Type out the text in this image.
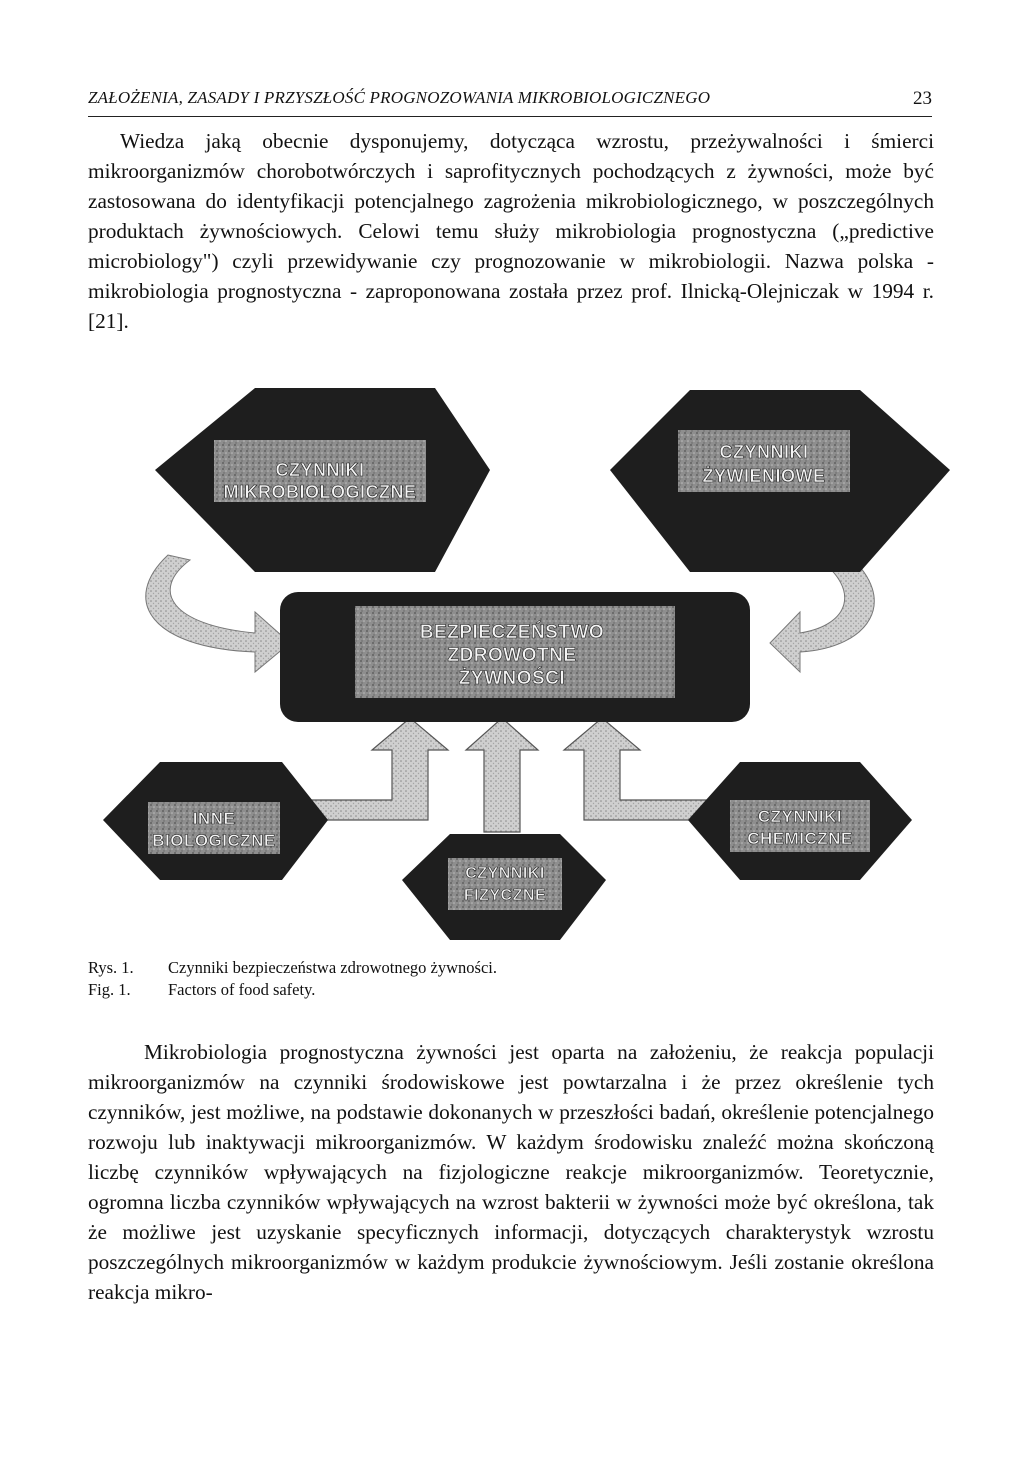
ZAŁOŻENIA, ZASADY I PRZYSZŁOŚĆ PROGNOZOWANIA MIKROBIOLOGICZNEGO	23

Wiedza jaką obecnie dysponujemy, dotycząca wzrostu, przeżywalności i śmierci mikroorganizmów chorobotwórczych i saprofitycznych pochodzących z żywności, może być zastosowana do identyfikacji potencjalnego zagrożenia mikrobiologicznego, w poszczególnych produktach żywnościowych. Celowi temu służy mikrobiologia prognostyczna („predictive microbiology") czyli przewidywanie czy prognozowanie w mikrobiologii. Nazwa polska - mikrobiologia prognostyczna - zaproponowana została przez prof. Ilnicką-Olejniczak w 1994 r. [21].

CZYNNIKI
MIKROBIOLOGICZNE
CZYNNIKI
ŻYWIENIOWE
BEZPIECZEŃSTWO
ZDROWOTNE
ŻYWNOŚCI
INNE
BIOLOGICZNE
CZYNNIKI
FIZYCZNE
CZYNNIKI
CHEMICZNE
Rys. 1.	Czynniki bezpieczeństwa zdrowotnego żywności.
Fig. 1.	Factors of food safety.

Mikrobiologia prognostyczna żywności jest oparta na założeniu, że reakcja populacji mikroorganizmów na czynniki środowiskowe jest powtarzalna i że przez określenie tych czynników, jest możliwe, na podstawie dokonanych w przeszłości badań, określenie potencjalnego rozwoju lub inaktywacji mikroorganizmów. W każdym środowisku znaleźć można skończoną liczbę czynników wpływających na fizjologiczne reakcje mikroorganizmów. Teoretycznie, ogromna liczba czynników wpływających na wzrost bakterii w żywności może być określona, tak że możliwe jest uzyskanie specyficznych informacji, dotyczących charakterystyk wzrostu poszczególnych mikroorganizmów w każdym produkcie żywnościowym. Jeśli zostanie określona reakcja mikro-
